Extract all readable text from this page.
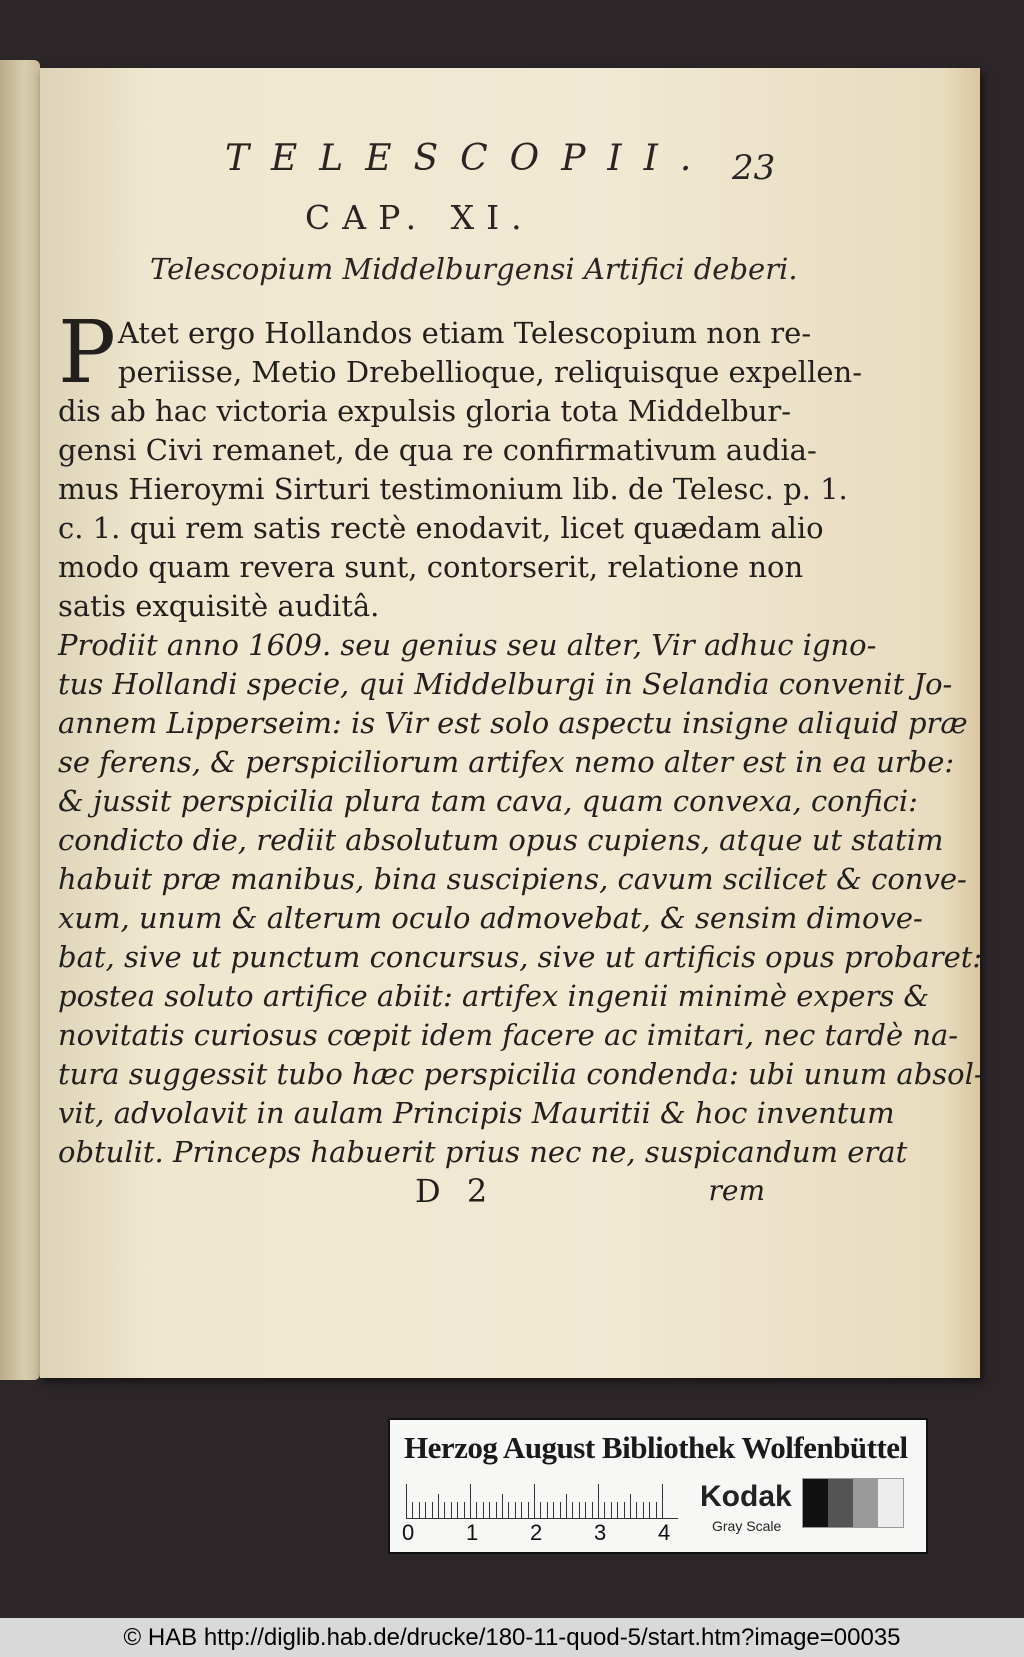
TELESCOPII. 23
CAP. XI.
Telescopium Middelburgensi Artifici deberi.
P Atet ergo Hollandos etiam Telescopium non re-
periisse, Metio Drebellioque, reliquisque expellen-
dis ab hac victoria expulsis gloria tota Middelbur-
gensi Civi remanet, de qua re confirmativum audia-
mus Hieroymi Sirturi testimonium lib. de Telesc. p. 1.
c. 1. qui rem satis rectè enodavit, licet quædam alio
modo quam revera sunt, contorserit, relatione non
satis exquisitè auditâ.
Prodiit anno 1609. seu genius seu alter, Vir adhuc igno-
tus Hollandi specie, qui Middelburgi in Selandia convenit Jo-
annem Lipperseim: is Vir est solo aspectu insigne aliquid præ
se ferens, & perspiciliorum artifex nemo alter est in ea urbe:
& jussit perspicilia plura tam cava, quam convexa, confici:
condicto die, rediit absolutum opus cupiens, atque ut statim
habuit præ manibus, bina suscipiens, cavum scilicet & conve-
xum, unum & alterum oculo admovebat, & sensim dimove-
bat, sive ut punctum concursus, sive ut artificis opus probaret:
postea soluto artifice abiit: artifex ingenii minimè expers &
novitatis curiosus cœpit idem facere ac imitari, nec tardè na-
tura suggessit tubo hæc perspicilia condenda: ubi unum absol-
vit, advolavit in aulam Principis Mauritii & hoc inventum
obtulit. Princeps habuerit prius nec ne, suspicandum erat
D 2	rem
Herzog August Bibliothek Wolfenbüttel
0 1 2 3 4
Kodak
Gray Scale
© HAB http://diglib.hab.de/drucke/180-11-quod-5/start.htm?image=00035
